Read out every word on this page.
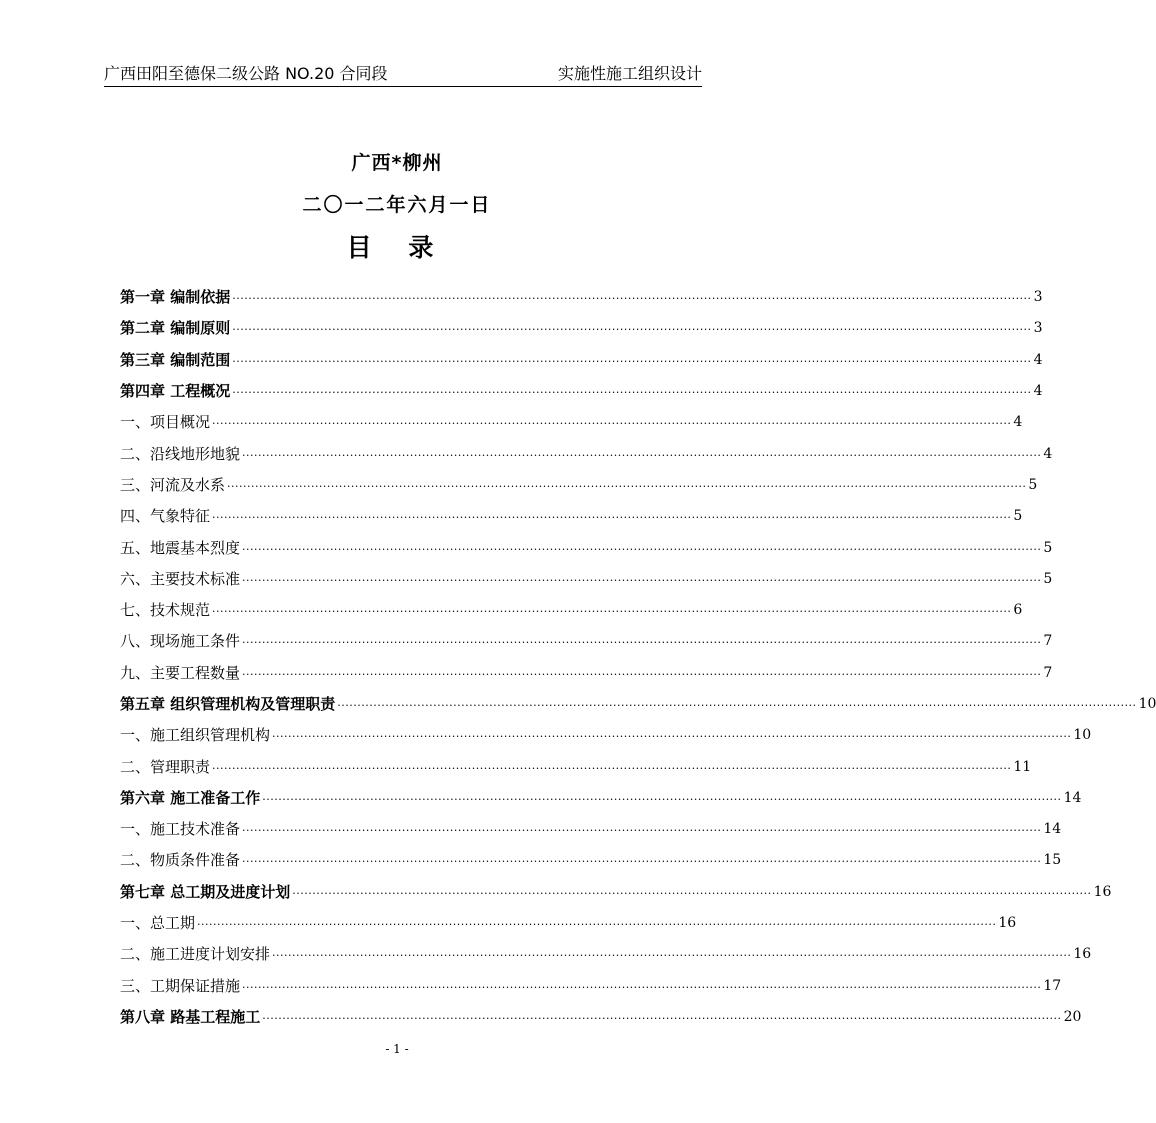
广西田阳至德保二级公路 NO.20 合同段	实施性施工组织设计
广西*柳州
二〇一二年六月一日
目 录
第一章 编制依据 ········································································································································································································ 3
第二章 编制原则 ········································································································································································································ 3
第三章 编制范围 ········································································································································································································ 4
第四章 工程概况 ········································································································································································································ 4
一、项目概况 ········································································································································································································ 4
二、沿线地形地貌 ········································································································································································································ 4
三、河流及水系 ········································································································································································································ 5
四、气象特征 ········································································································································································································ 5
五、地震基本烈度 ········································································································································································································ 5
六、主要技术标准 ········································································································································································································ 5
七、技术规范 ········································································································································································································ 6
八、现场施工条件 ········································································································································································································ 7
九、主要工程数量 ········································································································································································································ 7
第五章 组织管理机构及管理职责 ········································································································································································································ 10
一、施工组织管理机构 ········································································································································································································ 10
二、管理职责 ········································································································································································································ 11
第六章 施工准备工作 ········································································································································································································ 14
一、施工技术准备 ········································································································································································································ 14
二、物质条件准备 ········································································································································································································ 15
第七章 总工期及进度计划 ········································································································································································································ 16
一、总工期 ········································································································································································································ 16
二、施工进度计划安排 ········································································································································································································ 16
三、工期保证措施 ········································································································································································································ 17
第八章 路基工程施工 ········································································································································································································ 20
- 1 -
